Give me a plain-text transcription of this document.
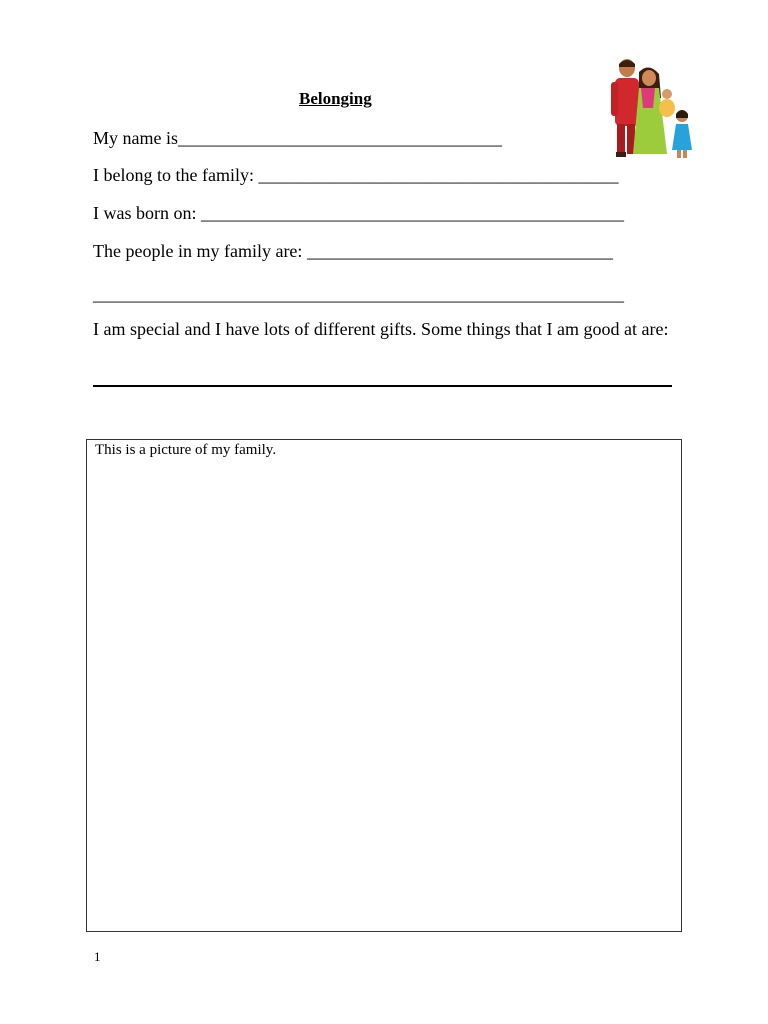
Belonging
My name is____________________________________
I belong to the family: ________________________________________
I was born on: _______________________________________________
The people in my family are: __________________________________
___________________________________________________________
I am special and I have lots of different gifts. Some things that I am good at are:
This is a picture of my family.
1
